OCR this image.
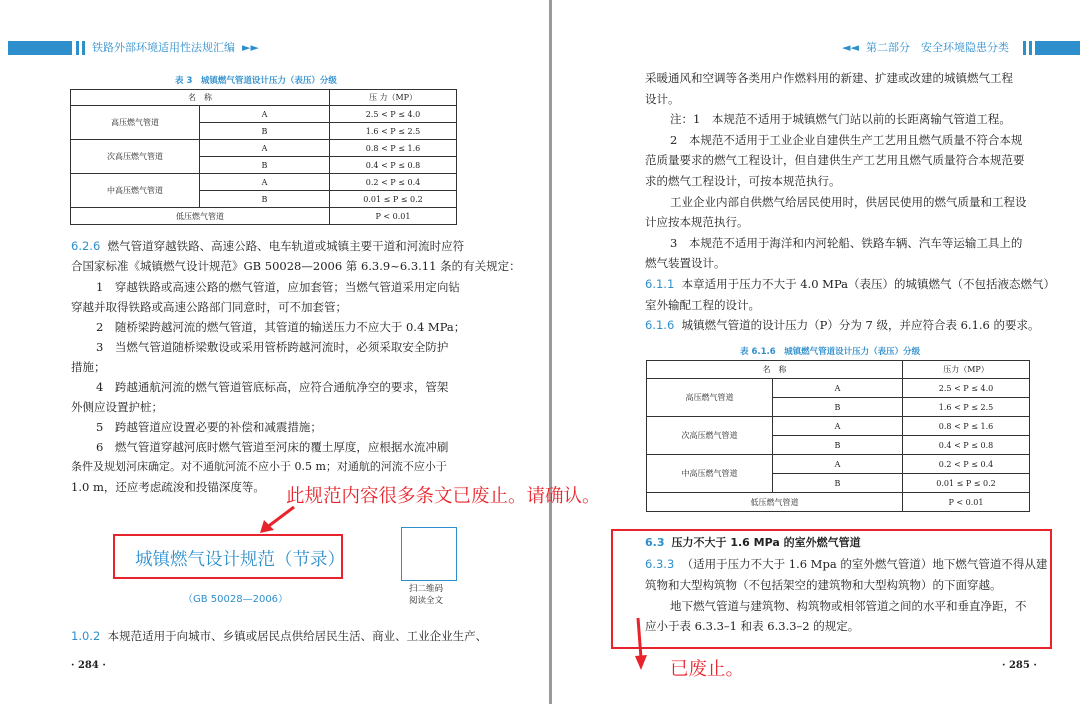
铁路外部环境适用性法规汇编 ►►
表 3　城镇燃气管道设计压力（表压）分级
名　称		压 力（MP）
高压燃气管道	A	2.5 < P ≤ 4.0
	B	1.6 < P ≤ 2.5
次高压燃气管道	A	0.8 < P ≤ 1.6
	B	0.4 < P ≤ 0.8
中高压燃气管道	A	0.2 < P ≤ 0.4
	B	0.01 ≤ P ≤ 0.2
低压燃气管道		P < 0.01
6.2.6 燃气管道穿越铁路、高速公路、电车轨道或城镇主要干道和河流时应符
合国家标准《城镇燃气设计规范》GB 50028—2006 第 6.3.9~6.3.11 条的有关规定：
1　穿越铁路或高速公路的燃气管道，应加套管；当燃气管道采用定向钻
穿越并取得铁路或高速公路部门同意时，可不加套管；
2　随桥梁跨越河流的燃气管道，其管道的输送压力不应大于 0.4 MPa；
3　当燃气管道随桥梁敷设或采用管桥跨越河流时，必须采取安全防护
措施；
4　跨越通航河流的燃气管道管底标高，应符合通航净空的要求，管架
外侧应设置护桩；
5　跨越管道应设置必要的补偿和减震措施；
6　燃气管道穿越河底时燃气管道至河床的覆土厚度，应根据水流冲刷
条件及规划河床确定。对不通航河流不应小于 0.5 m；对通航的河流不应小于
1.0 m，还应考虑疏浚和投锚深度等。 此规范内容很多条文已废止。请确认。
城镇燃气设计规范（节录）
（GB 50028—2006）
扫二维码
阅读全文
1.0.2 本规范适用于向城市、乡镇或居民点供给居民生活、商业、工业企业生产、
· 284 ·
◄◄ 第二部分　安全环境隐患分类
采暖通风和空调等各类用户作燃料用的新建、扩建或改建的城镇燃气工程
设计。
注：1　本规范不适用于城镇燃气门站以前的长距离输气管道工程。
2　本规范不适用于工业企业自建供生产工艺用且燃气质量不符合本规
范质量要求的燃气工程设计，但自建供生产工艺用且燃气质量符合本规范要
求的燃气工程设计，可按本规范执行。
工业企业内部自供燃气给居民使用时，供居民使用的燃气质量和工程设
计应按本规范执行。
3　本规范不适用于海洋和内河轮船、铁路车辆、汽车等运输工具上的
燃气装置设计。
6.1.1 本章适用于压力不大于 4.0 MPa（表压）的城镇燃气（不包括液态燃气）
室外输配工程的设计。
6.1.6 城镇燃气管道的设计压力（P）分为 7 级，并应符合表 6.1.6 的要求。
表 6.1.6　城镇燃气管道设计压力（表压）分级
名　称		压力（MP）
高压燃气管道	A	2.5 < P ≤ 4.0
	B	1.6 < P ≤ 2.5
次高压燃气管道	A	0.8 < P ≤ 1.6
	B	0.4 < P ≤ 0.8
中高压燃气管道	A	0.2 < P ≤ 0.4
	B	0.01 ≤ P ≤ 0.2
低压燃气管道		P < 0.01
6.3 压力不大于 1.6 MPa 的室外燃气管道
6.3.3 （适用于压力不大于 1.6 Mpa 的室外燃气管道）地下燃气管道不得从建
筑物和大型构筑物（不包括架空的建筑物和大型构筑物）的下面穿越。
地下燃气管道与建筑物、构筑物或相邻管道之间的水平和垂直净距，不
应小于表 6.3.3–1 和表 6.3.3–2 的规定。
已废止。	· 285 ·
